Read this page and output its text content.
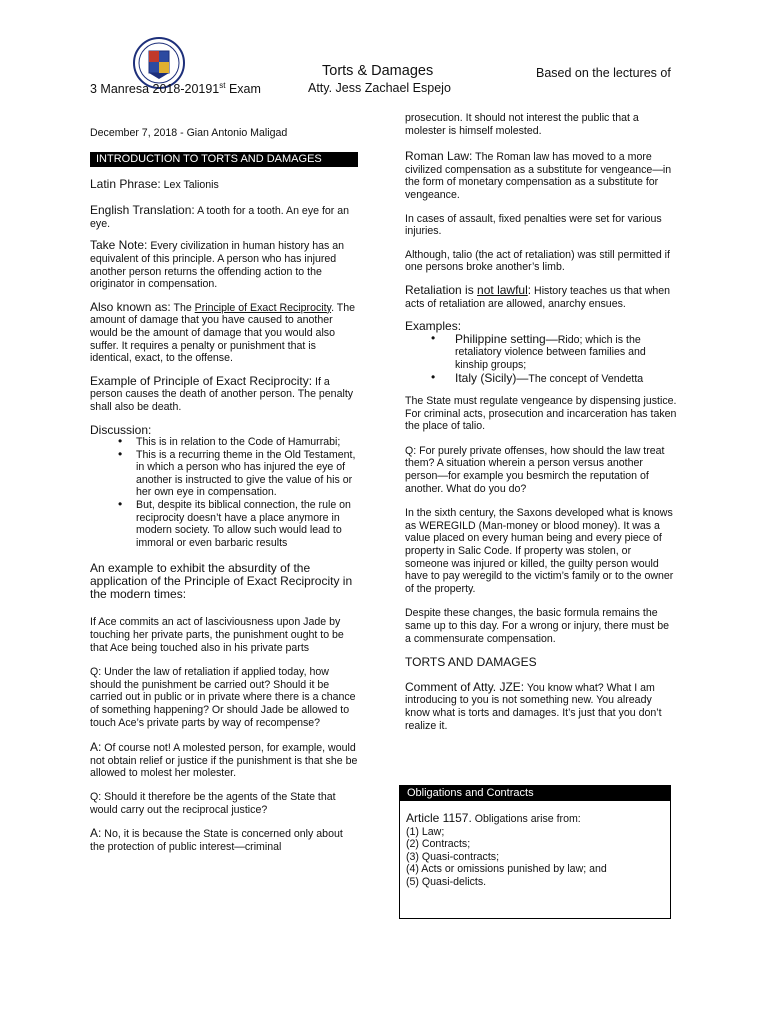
3 Manresa 2018-20191st Exam
Torts & Damages
Atty. Jess Zachael Espejo
Based on the lectures of

December 7, 2018 - Gian Antonio Maligad

INTRODUCTION TO TORTS AND DAMAGES

Latin Phrase: Lex Talionis

English Translation: A tooth for a tooth. An eye for an eye.

Take Note: Every civilization in human history has an equivalent of this principle. A person who has injured another person returns the offending action to the originator in compensation.

Also known as: The Principle of Exact Reciprocity. The amount of damage that you have caused to another would be the amount of damage that you would also suffer. It requires a penalty or punishment that is identical, exact, to the offense.

Example of Principle of Exact Reciprocity: If a person causes the death of another person. The penalty shall also be death.

Discussion:

• This is in relation to the Code of Hamurrabi;
• This is a recurring theme in the Old Testament, in which a person who has injured the eye of another is instructed to give the value of his or her own eye in compensation.
• But, despite its biblical connection, the rule on reciprocity doesn’t have a place anymore in modern society. To allow such would lead to immoral or even barbaric results

An example to exhibit the absurdity of the application of the Principle of Exact Reciprocity in the modern times:

If Ace commits an act of lasciviousness upon Jade by touching her private parts, the punishment ought to be that Ace being touched also in his private parts

Q: Under the law of retaliation if applied today, how should the punishment be carried out? Should it be carried out in public or in private where there is a chance of something happening? Or should Jade be allowed to touch Ace’s private parts by way of recompense?

A: Of course not! A molested person, for example, would not obtain relief or justice if the punishment is that she be allowed to molest her molester.

Q: Should it therefore be the agents of the State that would carry out the reciprocal justice?

A: No, it is because the State is concerned only about the protection of public interest—criminal

prosecution. It should not interest the public that a molester is himself molested.

Roman Law: The Roman law has moved to a more civilized compensation as a substitute for vengeance—in the form of monetary compensation as a substitute for vengeance.

In cases of assault, fixed penalties were set for various injuries.

Although, talio (the act of retaliation) was still permitted if one persons broke another’s limb.

Retaliation is not lawful: History teaches us that when acts of retaliation are allowed, anarchy ensues.

Examples:

• Philippine setting—Rido; which is the retaliatory violence between families and kinship groups;
• Italy (Sicily)—The concept of Vendetta

The State must regulate vengeance by dispensing justice. For criminal acts, prosecution and incarceration has taken the place of talio.

Q: For purely private offenses, how should the law treat them? A situation wherein a person versus another person—for example you besmirch the reputation of another. What do you do?

In the sixth century, the Saxons developed what is knows as WEREGILD (Man-money or blood money). It was a value placed on every human being and every piece of property in Salic Code. If property was stolen, or someone was injured or killed, the guilty person would have to pay weregild to the victim’s family or to the owner of the property.

Despite these changes, the basic formula remains the same up to this day. For a wrong or injury, there must be a commensurate compensation.

TORTS AND DAMAGES

Comment of Atty. JZE: You know what? What I am introducing to you is not something new. You already know what is torts and damages. It’s just that you don’t realize it.

Obligations and Contracts

Article 1157. Obligations arise from:

(1) Law;

(2) Contracts;

(3) Quasi-contracts;

(4) Acts or omissions punished by law; and

(5) Quasi-delicts.
